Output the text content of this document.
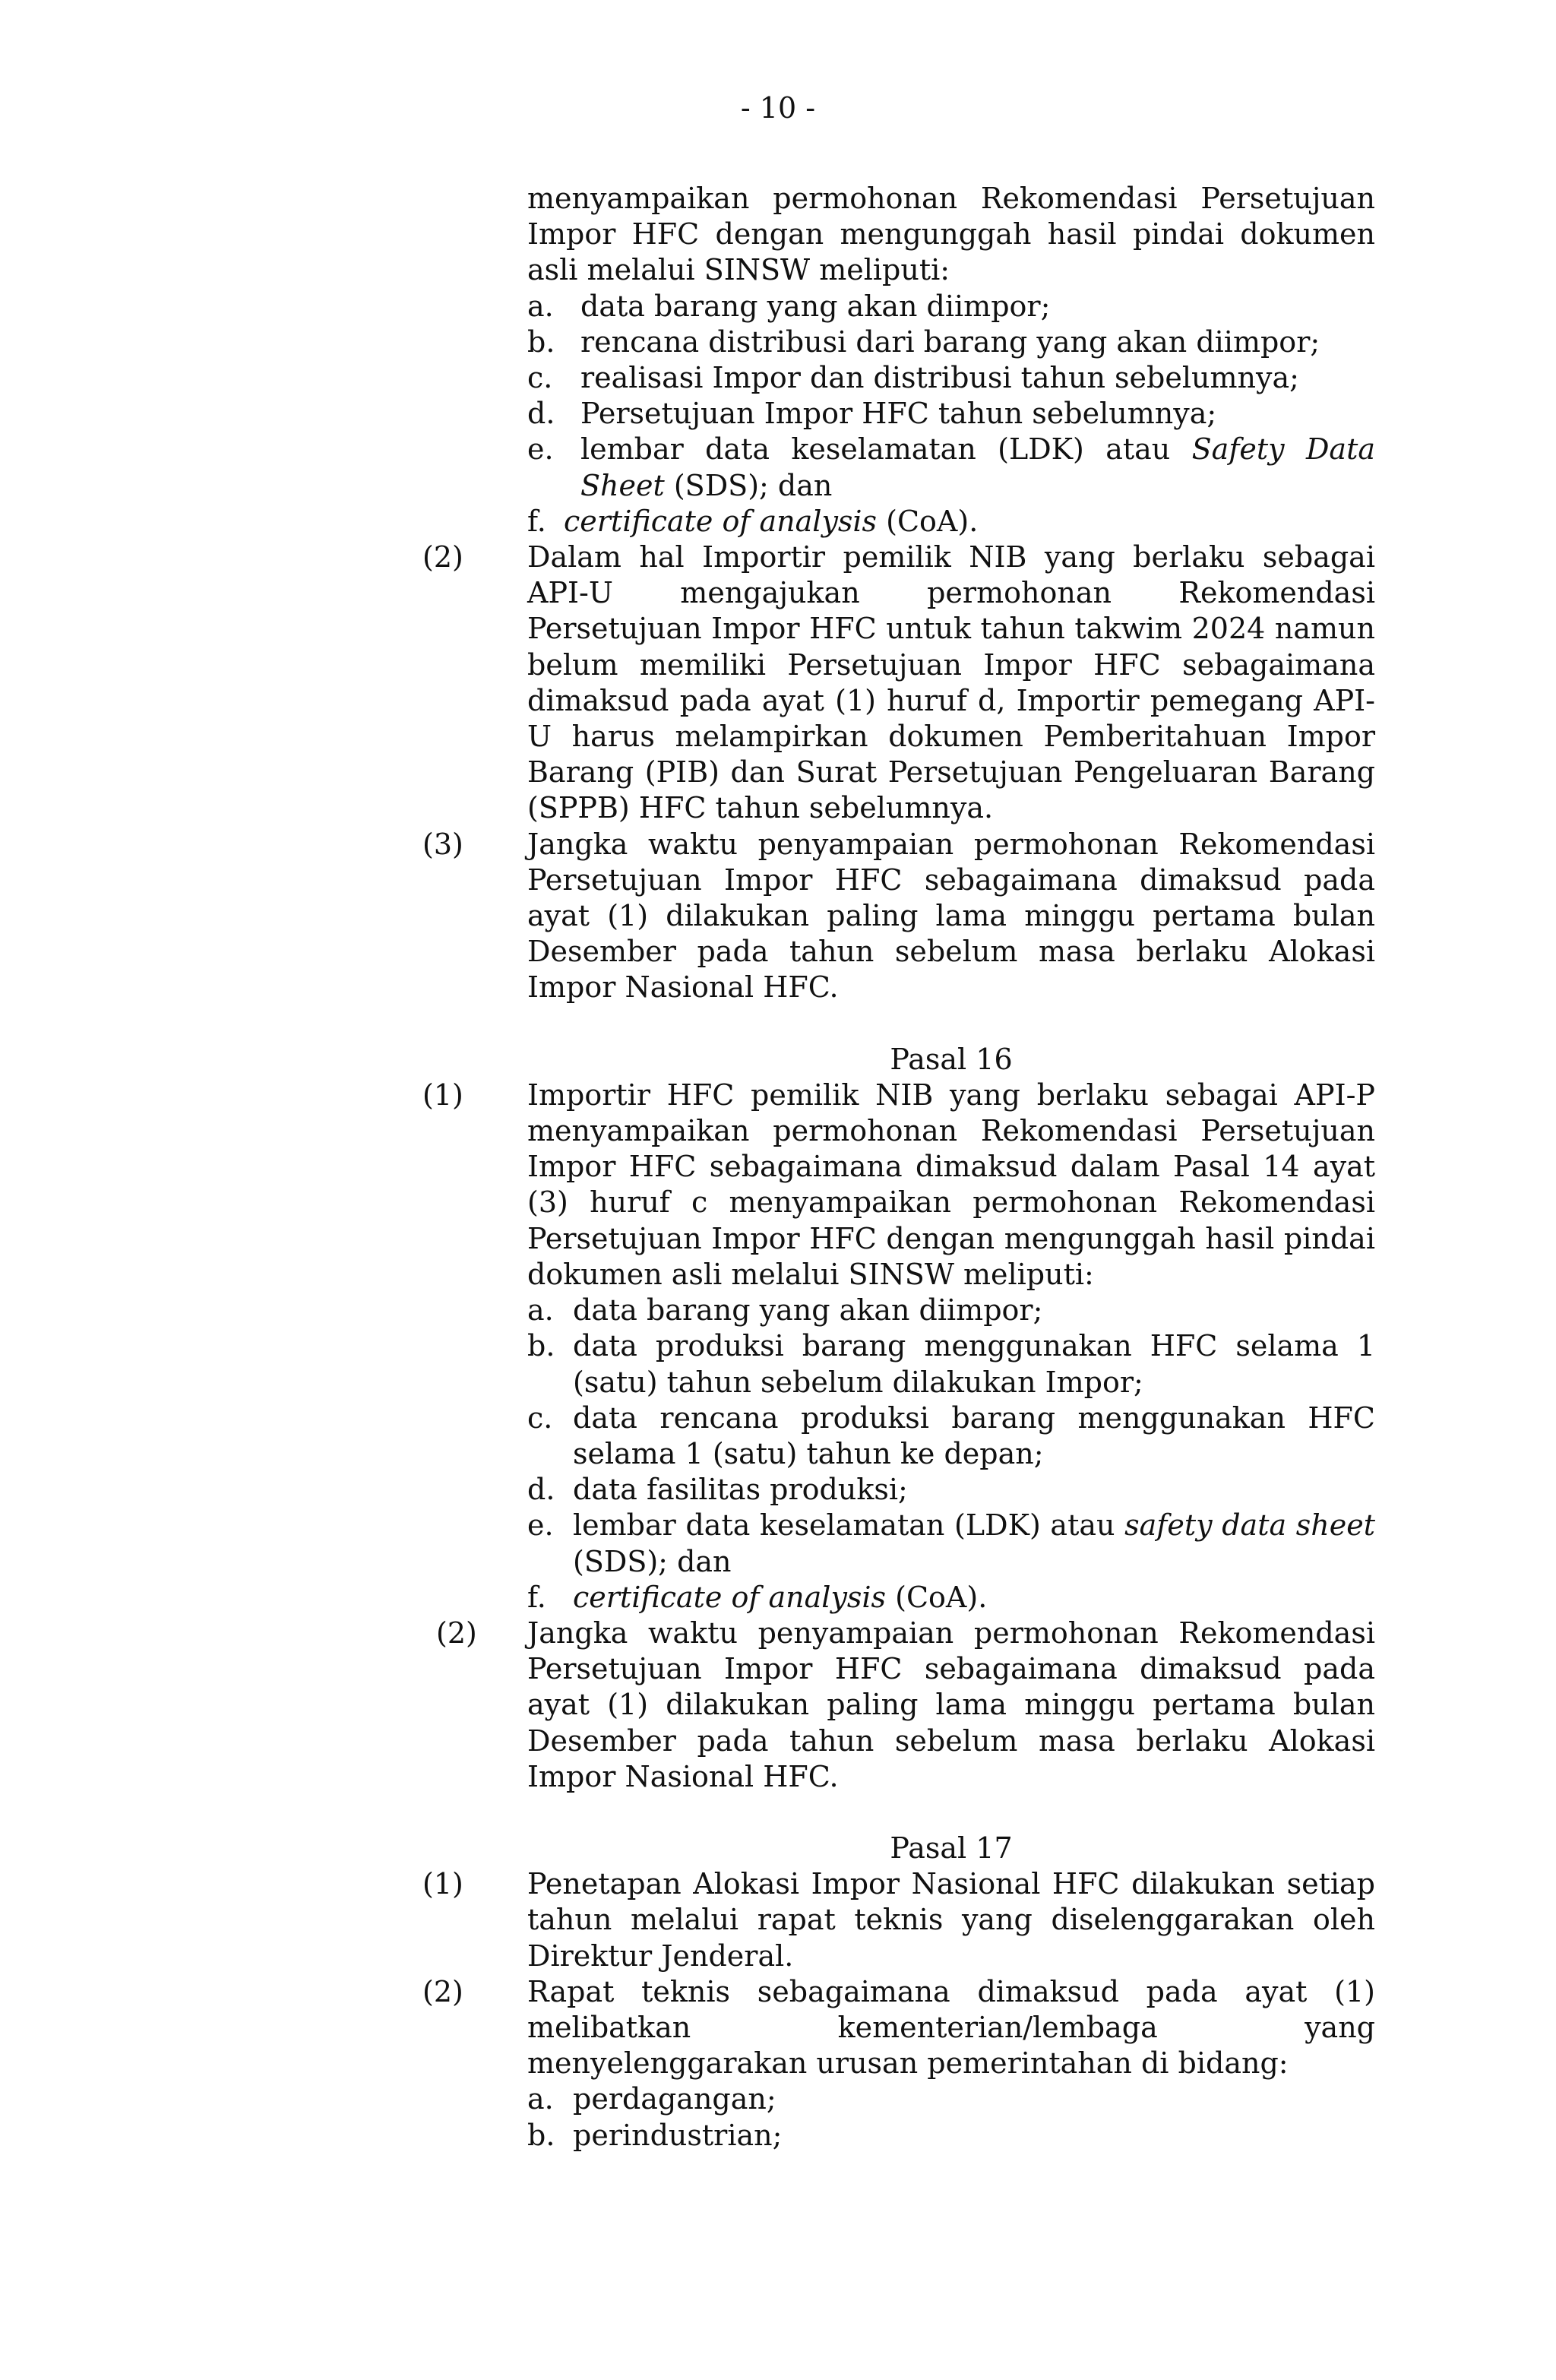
- 10 -
menyampaikan permohonan Rekomendasi Persetujuan Impor HFC dengan mengunggah hasil pindai dokumen asli melalui SINSW meliputi:
a. data barang yang akan diimpor;
b. rencana distribusi dari barang yang akan diimpor;
c. realisasi Impor dan distribusi tahun sebelumnya;
d. Persetujuan Impor HFC tahun sebelumnya;
e. lembar data keselamatan (LDK) atau Safety Data Sheet (SDS); dan
f. certificate of analysis (CoA).
(2) Dalam hal Importir pemilik NIB yang berlaku sebagai API-U mengajukan permohonan Rekomendasi Persetujuan Impor HFC untuk tahun takwim 2024 namun belum memiliki Persetujuan Impor HFC sebagaimana dimaksud pada ayat (1) huruf d, Importir pemegang API-U harus melampirkan dokumen Pemberitahuan Impor Barang (PIB) dan Surat Persetujuan Pengeluaran Barang (SPPB) HFC tahun sebelumnya.
(3) Jangka waktu penyampaian permohonan Rekomendasi Persetujuan Impor HFC sebagaimana dimaksud pada ayat (1) dilakukan paling lama minggu pertama bulan Desember pada tahun sebelum masa berlaku Alokasi Impor Nasional HFC.
Pasal 16
(1) Importir HFC pemilik NIB yang berlaku sebagai API-P menyampaikan permohonan Rekomendasi Persetujuan Impor HFC sebagaimana dimaksud dalam Pasal 14 ayat (3) huruf c menyampaikan permohonan Rekomendasi Persetujuan Impor HFC dengan mengunggah hasil pindai dokumen asli melalui SINSW meliputi:
a. data barang yang akan diimpor;
b. data produksi barang menggunakan HFC selama 1 (satu) tahun sebelum dilakukan Impor;
c. data rencana produksi barang menggunakan HFC selama 1 (satu) tahun ke depan;
d. data fasilitas produksi;
e. lembar data keselamatan (LDK) atau safety data sheet (SDS); dan
f. certificate of analysis (CoA).
(2) Jangka waktu penyampaian permohonan Rekomendasi Persetujuan Impor HFC sebagaimana dimaksud pada ayat (1) dilakukan paling lama minggu pertama bulan Desember pada tahun sebelum masa berlaku Alokasi Impor Nasional HFC.
Pasal 17
(1) Penetapan Alokasi Impor Nasional HFC dilakukan setiap tahun melalui rapat teknis yang diselenggarakan oleh Direktur Jenderal.
(2) Rapat teknis sebagaimana dimaksud pada ayat (1) melibatkan kementerian/lembaga yang menyelenggarakan urusan pemerintahan di bidang:
a. perdagangan;
b. perindustrian;
